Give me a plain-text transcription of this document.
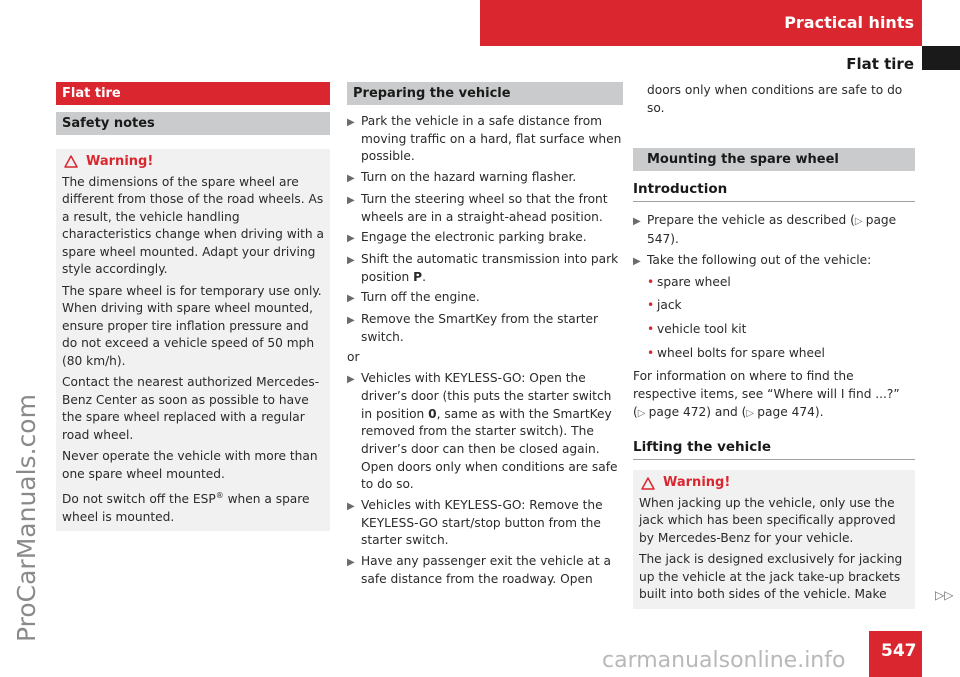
Practical hints
Flat tire
ProCarManuals.com
Flat tire
Safety notes
Warning!

The dimensions of the spare wheel are different from those of the road wheels. As a result, the vehicle handling characteristics change when driving with a spare wheel mounted. Adapt your driving style accordingly.

The spare wheel is for temporary use only. When driving with spare wheel mounted, ensure proper tire inflation pressure and do not exceed a vehicle speed of 50 mph (80 km/h).

Contact the nearest authorized Mercedes-Benz Center as soon as possible to have the spare wheel replaced with a regular road wheel.

Never operate the vehicle with more than one spare wheel mounted.

Do not switch off the ESP® when a spare wheel is mounted.

Preparing the vehicle
▶ Park the vehicle in a safe distance from moving traffic on a hard, flat surface when possible.
▶ Turn on the hazard warning flasher.
▶ Turn the steering wheel so that the front wheels are in a straight-ahead position.
▶ Engage the electronic parking brake.
▶ Shift the automatic transmission into park position P.
▶ Turn off the engine.
▶ Remove the SmartKey from the starter switch.
or
▶ Vehicles with KEYLESS-GO: Open the driver’s door (this puts the starter switch in position 0, same as with the SmartKey removed from the starter switch). The driver’s door can then be closed again. Open doors only when conditions are safe to do so.
▶ Vehicles with KEYLESS-GO: Remove the KEYLESS-GO start/stop button from the starter switch.
▶ Have any passenger exit the vehicle at a safe distance from the roadway. Open
doors only when conditions are safe to do so.
Mounting the spare wheel
Introduction
▶ Prepare the vehicle as described (▷ page 547).
▶ Take the following out of the vehicle:
• spare wheel
• jack
• vehicle tool kit
• wheel bolts for spare wheel
For information on where to find the respective items, see “Where will I find ...?” (▷ page 472) and (▷ page 474).
Lifting the vehicle
Warning!

When jacking up the vehicle, only use the jack which has been specifically approved by Mercedes-Benz for your vehicle.

The jack is designed exclusively for jacking up the vehicle at the jack take-up brackets built into both sides of the vehicle. Make	▷▷
547
carmanualsonline.info
